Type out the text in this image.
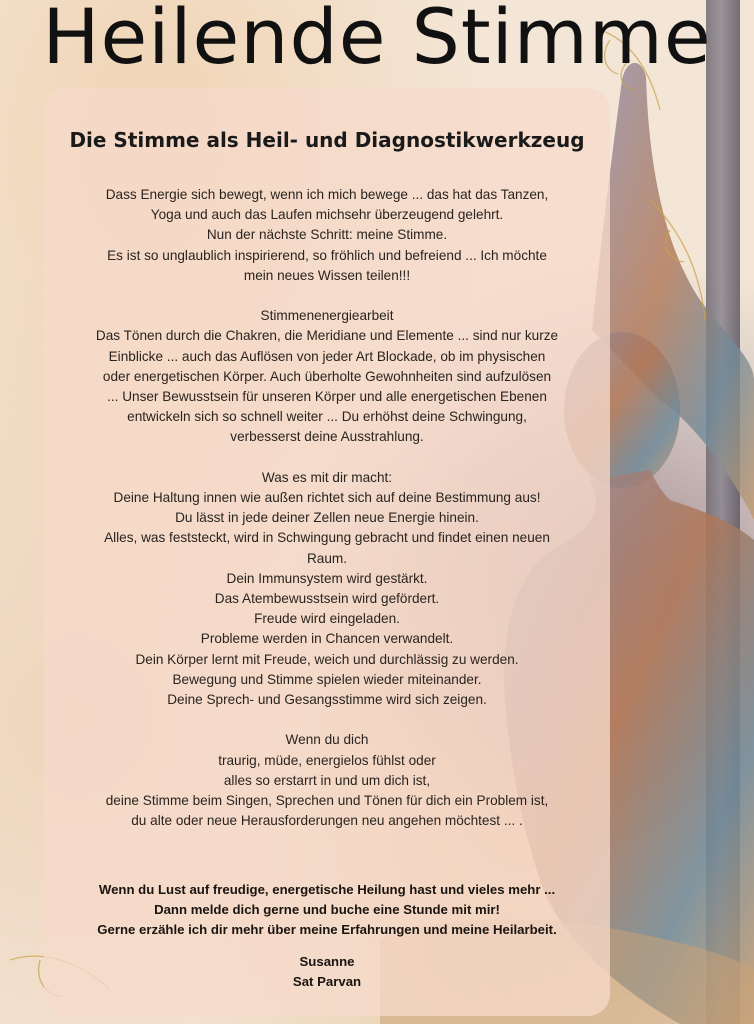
Heilende Stimme
Die Stimme als Heil- und Diagnostikwerkzeug
Dass Energie sich bewegt, wenn ich mich bewege ... das hat das Tanzen,
Yoga und auch das Laufen michsehr überzeugend gelehrt.
Nun der nächste Schritt: meine Stimme.
Es ist so unglaublich inspirierend, so fröhlich und befreiend ... Ich möchte
mein neues Wissen teilen!!!
Stimmenenergiearbeit
Das Tönen durch die Chakren, die Meridiane und Elemente ... sind nur kurze
Einblicke ... auch das Auflösen von jeder Art Blockade, ob im physischen
oder energetischen Körper. Auch überholte Gewohnheiten sind aufzulösen
... Unser Bewusstsein für unseren Körper und alle energetischen Ebenen
entwickeln sich so schnell weiter ... Du erhöhst deine Schwingung,
verbesserst deine Ausstrahlung.
Was es mit dir macht:
Deine Haltung innen wie außen richtet sich auf deine Bestimmung aus!
Du lässt in jede deiner Zellen neue Energie hinein.
Alles, was feststeckt, wird in Schwingung gebracht und findet einen neuen
Raum.
Dein Immunsystem wird gestärkt.
Das Atembewusstsein wird gefördert.
Freude wird eingeladen.
Probleme werden in Chancen verwandelt.
Dein Körper lernt mit Freude, weich und durchlässig zu werden.
Bewegung und Stimme spielen wieder miteinander.
Deine Sprech- und Gesangsstimme wird sich zeigen.
Wenn du dich
traurig, müde, energielos fühlst oder
alles so erstarrt in und um dich ist,
deine Stimme beim Singen, Sprechen und Tönen für dich ein Problem ist,
du alte oder neue Herausforderungen neu angehen möchtest ... .
Wenn du Lust auf freudige, energetische Heilung hast und vieles mehr ...
Dann melde dich gerne und buche eine Stunde mit mir!
Gerne erzähle ich dir mehr über meine Erfahrungen und meine Heilarbeit.
Susanne
Sat Parvan
